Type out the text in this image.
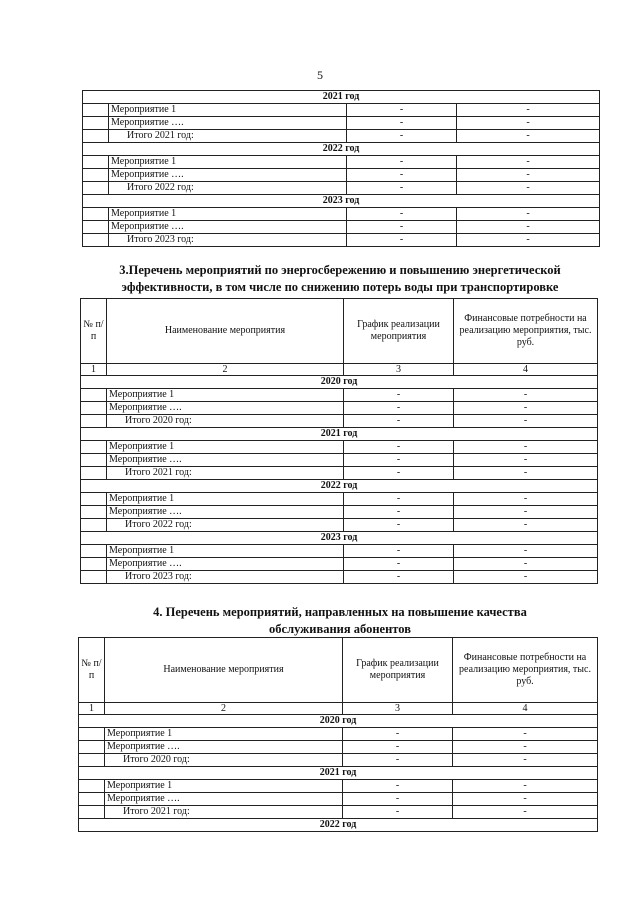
5
2021 год			
	Мероприятие 1	-	-
	Мероприятие ….	-	-
	Итого 2021 год:	-	-
2022 год			
	Мероприятие 1	-	-
	Мероприятие ….	-	-
	Итого 2022 год:	-	-
2023 год			
	Мероприятие 1	-	-
	Мероприятие ….	-	-
	Итого 2023 год:	-	-
3.Перечень мероприятий по энергосбережению и повышению энергетической
эффективности, в том числе по снижению потерь воды при транспортировке
№ п/п	Наименование мероприятия	График реализации мероприятия	Финансовые потребности на реализацию мероприятия, тыс. руб.
1	2	3	4
2020 год			
	Мероприятие 1	-	-
	Мероприятие ….	-	-
	Итого 2020 год:	-	-
2021 год			
	Мероприятие 1	-	-
	Мероприятие ….	-	-
	Итого 2021 год:	-	-
2022 год			
	Мероприятие 1	-	-
	Мероприятие ….	-	-
	Итого 2022 год:	-	-
2023 год			
	Мероприятие 1	-	-
	Мероприятие ….	-	-
	Итого 2023 год:	-	-
4. Перечень мероприятий, направленных на повышение качества
обслуживания абонентов
№ п/п	Наименование мероприятия	График реализации мероприятия	Финансовые потребности на реализацию мероприятия, тыс. руб.
1	2	3	4
2020 год			
	Мероприятие 1	-	-
	Мероприятие ….	-	-
	Итого 2020 год:	-	-
2021 год			
	Мероприятие 1	-	-
	Мероприятие ….	-	-
	Итого 2021 год:	-	-
2022 год			
